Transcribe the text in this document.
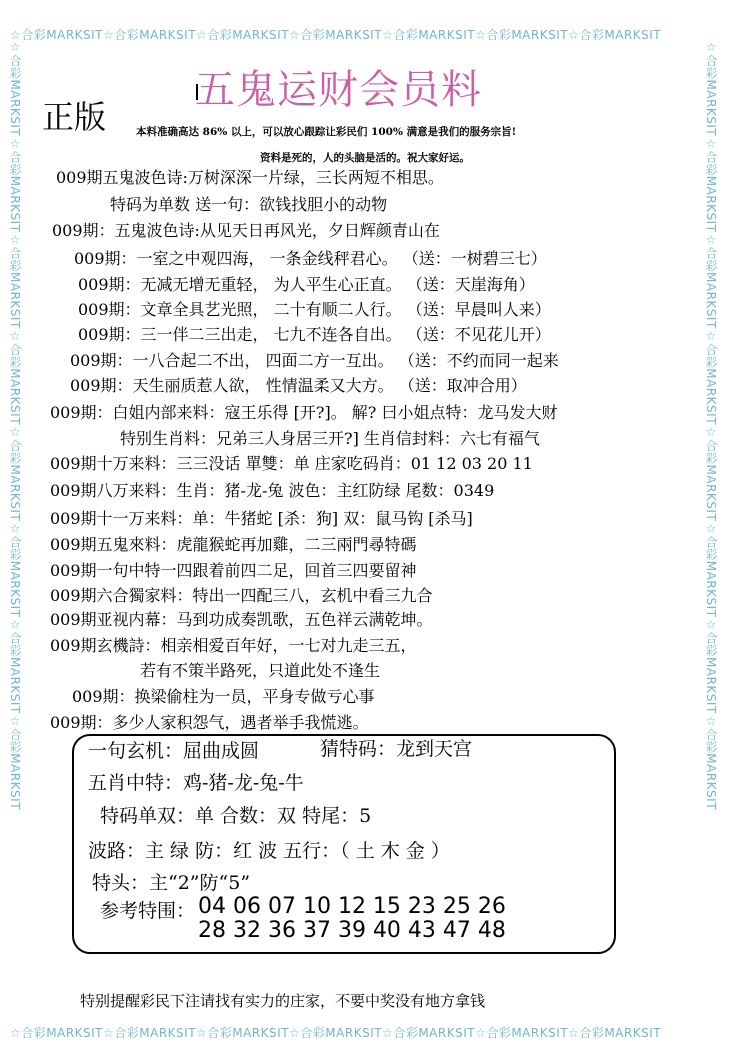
☆合彩MARKSIT☆合彩MARKSIT☆合彩MARKSIT☆合彩MARKSIT☆合彩MARKSIT☆合彩MARKSIT☆合彩MARKSIT
☆合彩MARKSIT☆合彩MARKSIT☆合彩MARKSIT☆合彩MARKSIT☆合彩MARKSIT☆合彩MARKSIT☆合彩MARKSIT
☆合彩MARKSIT☆合彩MARKSIT☆合彩MARKSIT☆合彩MARKSIT☆合彩MARKSIT☆合彩MARKSIT☆合彩MARKSIT☆合彩MARKSIT	☆合彩MARKSIT☆合彩MARKSIT☆合彩MARKSIT☆合彩MARKSIT☆合彩MARKSIT☆合彩MARKSIT☆合彩MARKSIT☆合彩MARKSIT
五鬼运财会员料
正版	本料准确高达 86% 以上，可以放心跟踪让彩民们 100% 满意是我们的服务宗旨!
资料是死的，人的头脑是活的。祝大家好运。
009期五鬼波色诗:万树深深一片绿，三长两短不相思。
特码为单数 送一句：欲钱找胆小的动物
009期：五鬼波色诗:从见天日再风光，夕日辉颜青山在
009期：一室之中观四海， 一条金线秤君心。 （送：一树碧三七）
009期：无减无增无重轻， 为人平生心正直。 （送：天崖海角）
009期：文章全具艺光照， 二十有顺二人行。 （送：早晨叫人来）
009期：三一伴二三出走， 七九不连各自出。 （送：不见花儿开）
009期：一八合起二不出， 四面二方一互出。 （送：不约而同一起来
009期：天生丽质惹人欲， 性情温柔又大方。 （送：取冲合用）
009期：白姐内部来料：寇王乐得 [开?]。 解? 曰小姐点特：龙马发大财
特别生肖料：兄弟三人身居三开?] 生肖信封料：六七有福气
009期十万来料：三三没话 單雙：单 庄家吃码肖：01 12 03 20 11
009期八万来料：生肖：猪-龙-兔 波色：主红防绿 尾数：0349
009期十一万来料：单：牛猪蛇 [杀：狗] 双：鼠马钩 [杀马]
009期五鬼來料：虎龍猴蛇再加雞，二三兩門尋特碼
009期一句中特一四跟着前四二足，回首三四要留神
009期六合獨家料：特出一四配三八，玄机中看三九合
009期亚视内幕：马到功成奏凯歌，五色祥云满乾坤。
009期玄機詩：相亲相爱百年好，一七对九走三五，
若有不策半路死，只道此处不逢生
009期：换梁偷柱为一员，平身专做亏心事
009期：多少人家积怨气，遇者举手我慌逃。
一句玄机：屈曲成圆	猜特码：龙到天宫
五肖中特：鸡-猪-龙-兔-牛
特码单双：单 合数：双 特尾：5
波路：主 绿 防：红 波 五行：（ 土 木 金 ）
特头：主“2”防“5”
参考特围： 04 06 07 10 12 15 23 25 26
28 32 36 37 39 40 43 47 48
特别提醒彩民下注请找有实力的庄家，不要中奖没有地方拿钱
